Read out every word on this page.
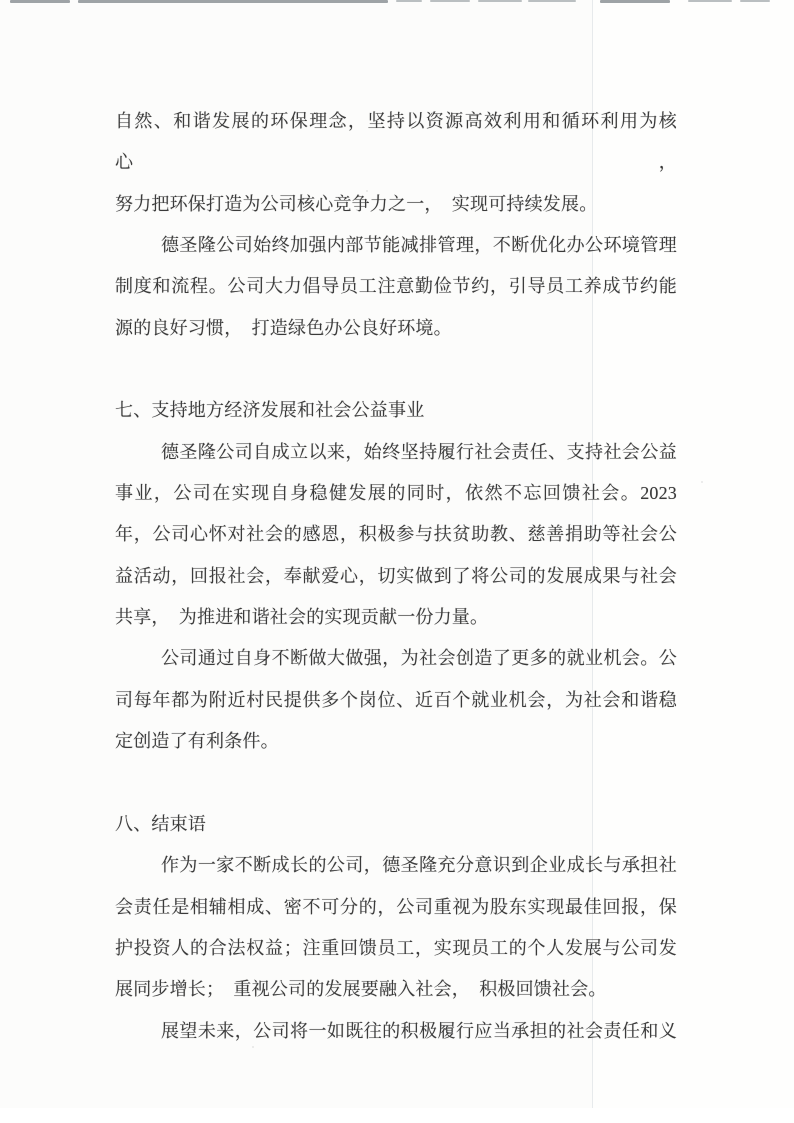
自然、和谐发展的环保理念，坚持以资源高效利用和循环利用为核心，
努力把环保打造为公司核心竞争力之一，　实现可持续发展。
德圣隆公司始终加强内部节能减排管理，不断优化办公环境管理
制度和流程。公司大力倡导员工注意勤俭节约，引导员工养成节约能
源的良好习惯，　打造绿色办公良好环境。
七、支持地方经济发展和社会公益事业
德圣隆公司自成立以来，始终坚持履行社会责任、支持社会公益
事业，公司在实现自身稳健发展的同时，依然不忘回馈社会。2023
年，公司心怀对社会的感恩，积极参与扶贫助教、慈善捐助等社会公
益活动，回报社会，奉献爱心，切实做到了将公司的发展成果与社会
共享，　为推进和谐社会的实现贡献一份力量。
公司通过自身不断做大做强，为社会创造了更多的就业机会。公
司每年都为附近村民提供多个岗位、近百个就业机会，为社会和谐稳
定创造了有利条件。
八、结束语
作为一家不断成长的公司，德圣隆充分意识到企业成长与承担社
会责任是相辅相成、密不可分的，公司重视为股东实现最佳回报，保
护投资人的合法权益；注重回馈员工，实现员工的个人发展与公司发
展同步增长；　重视公司的发展要融入社会，　积极回馈社会。
展望未来，公司将一如既往的积极履行应当承担的社会责任和义
